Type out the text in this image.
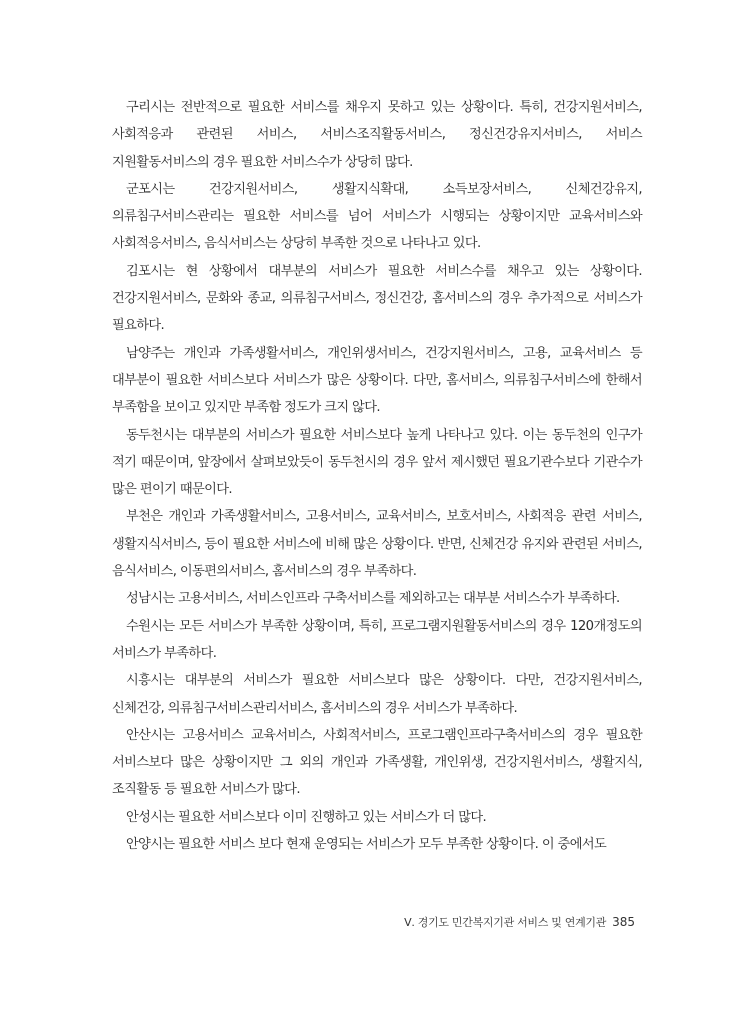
구리시는 전반적으로 필요한 서비스를 채우지 못하고 있는 상황이다. 특히, 건강지원서비스, 사회적응과 관련된 서비스, 서비스조직활동서비스, 정신건강유지서비스, 서비스 지원활동서비스의 경우 필요한 서비스수가 상당히 많다.

군포시는 건강지원서비스, 생활지식확대, 소득보장서비스, 신체건강유지, 의류침구서비스관리는 필요한 서비스를 넘어 서비스가 시행되는 상황이지만 교육서비스와 사회적응서비스, 음식서비스는 상당히 부족한 것으로 나타나고 있다.

김포시는 현 상황에서 대부분의 서비스가 필요한 서비스수를 채우고 있는 상황이다. 건강지원서비스, 문화와 종교, 의류침구서비스, 정신건강, 홈서비스의 경우 추가적으로 서비스가 필요하다.

남양주는 개인과 가족생활서비스, 개인위생서비스, 건강지원서비스, 고용, 교육서비스 등 대부분이 필요한 서비스보다 서비스가 많은 상황이다. 다만, 홈서비스, 의류침구서비스에 한해서 부족함을 보이고 있지만 부족함 정도가 크지 않다.

동두천시는 대부분의 서비스가 필요한 서비스보다 높게 나타나고 있다. 이는 동두천의 인구가 적기 때문이며, 앞장에서 살펴보았듯이 동두천시의 경우 앞서 제시했던 필요기관수보다 기관수가 많은 편이기 때문이다.

부천은 개인과 가족생활서비스, 고용서비스, 교육서비스, 보호서비스, 사회적응 관련 서비스, 생활지식서비스, 등이 필요한 서비스에 비해 많은 상황이다. 반면, 신체건강 유지와 관련된 서비스, 음식서비스, 이동편의서비스, 홈서비스의 경우 부족하다.

성남시는 고용서비스, 서비스인프라 구축서비스를 제외하고는 대부분 서비스수가 부족하다.

수원시는 모든 서비스가 부족한 상황이며, 특히, 프로그램지원활동서비스의 경우 120개정도의 서비스가 부족하다.

시흥시는 대부분의 서비스가 필요한 서비스보다 많은 상황이다. 다만, 건강지원서비스, 신체건강, 의류침구서비스관리서비스, 홈서비스의 경우 서비스가 부족하다.

안산시는 고용서비스 교육서비스, 사회적서비스, 프로그램인프라구축서비스의 경우 필요한 서비스보다 많은 상황이지만 그 외의 개인과 가족생활, 개인위생, 건강지원서비스, 생활지식, 조직활동 등 필요한 서비스가 많다.

안성시는 필요한 서비스보다 이미 진행하고 있는 서비스가 더 많다.

안양시는 필요한 서비스 보다 현재 운영되는 서비스가 모두 부족한 상황이다. 이 중에서도

Ⅴ. 경기도 민간복지기관 서비스 및 연계기관 385
